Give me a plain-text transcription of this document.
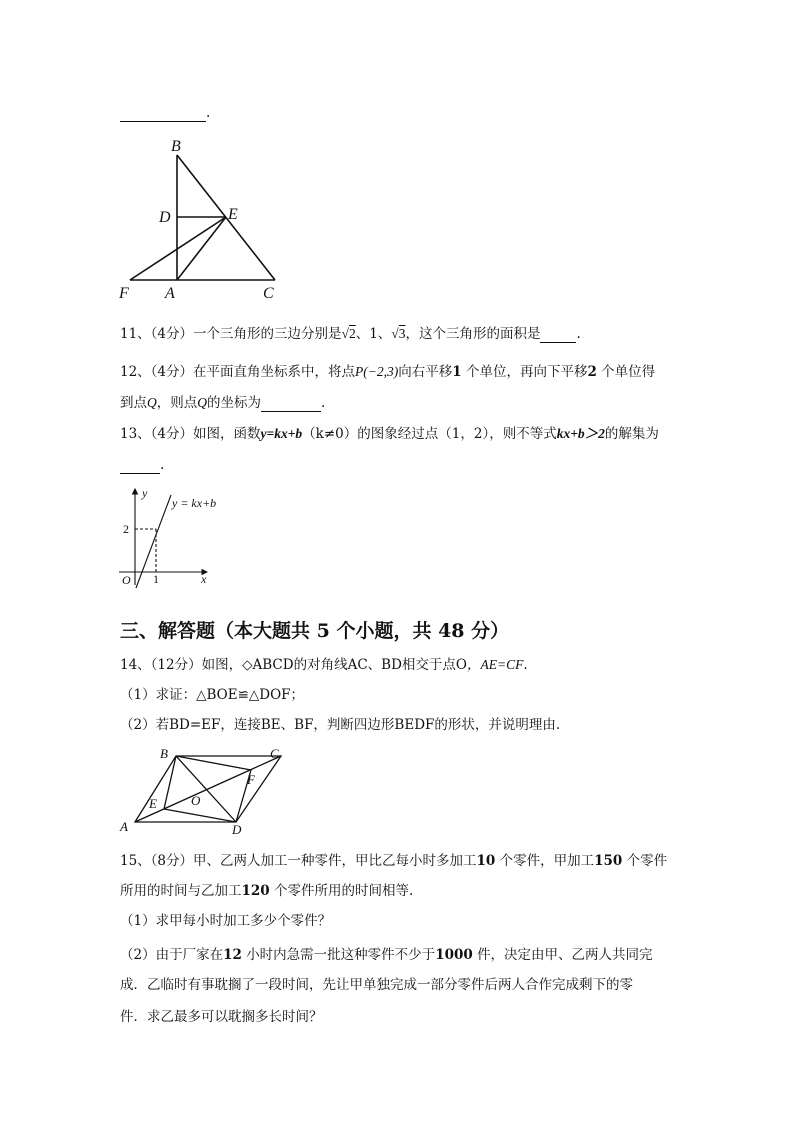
.
B
D	E
F A	C
11、（4分）一个三角形的三边分别是√2、1、√3，这个三角形的面积是	.
12、（4分）在平面直角坐标系中，将点P(−2,3)向右平移1 个单位，再向下平移2 个单位得
到点Q，则点Q的坐标为	.
13、（4分）如图，函数y=kx+b（k≠0）的图象经过点（1，2），则不等式kx+b＞2的解集为
.
y
x
O
y = kx+b
2
1
三、解答题（本大题共 5 个小题，共 48 分）
14、（12分）如图，◇ABCD的对角线AC、BD相交于点O，AE=CF.
（1）求证：△BOE≌△DOF；
（2）若BD=EF，连接BE、BF，判断四边形BEDF的形状，并说明理由.
B	C
F
E	O
A	D
15、（8分）甲、乙两人加工一种零件，甲比乙每小时多加工10 个零件，甲加工150 个零件
所用的时间与乙加工120 个零件所用的时间相等.
（1）求甲每小时加工多少个零件？
（2）由于厂家在12 小时内急需一批这种零件不少于1000 件，决定由甲、乙两人共同完
成．乙临时有事耽搁了一段时间，先让甲单独完成一部分零件后两人合作完成剩下的零
件．求乙最多可以耽搁多长时间？
